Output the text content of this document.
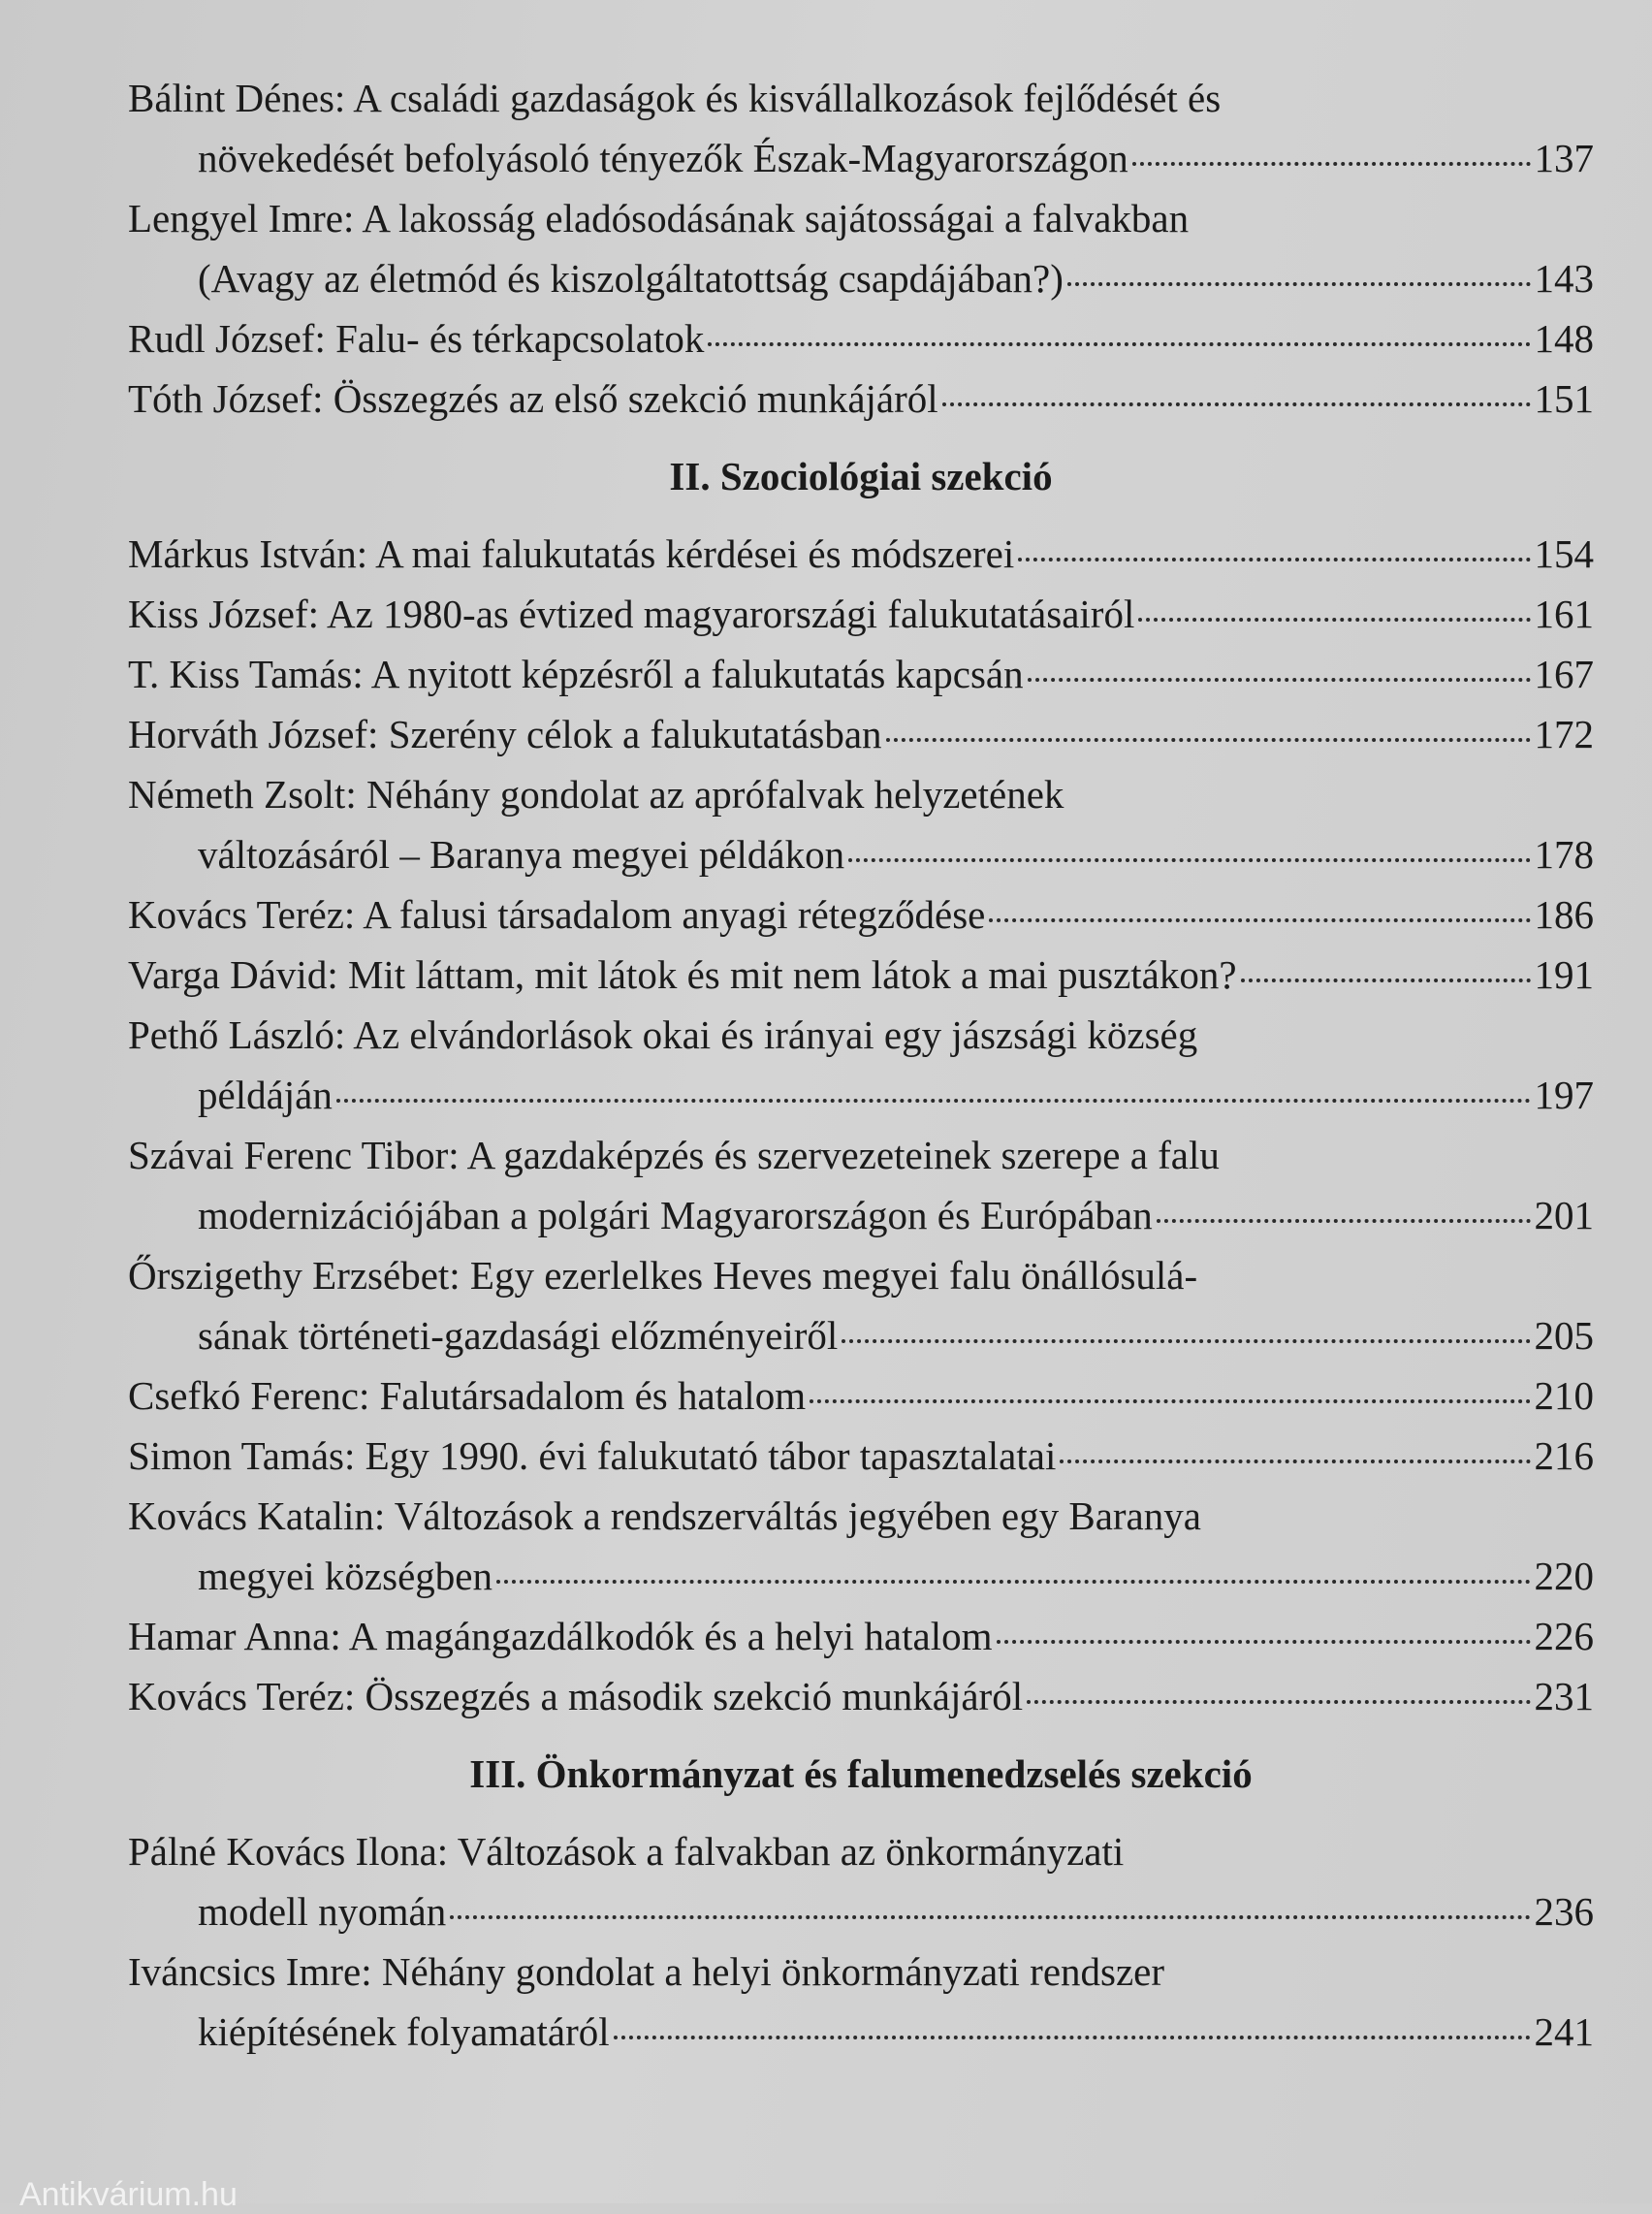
Bálint Dénes: A családi gazdaságok és kisvállalkozások fejlődését és
növekedését befolyásoló tényezők Észak-Magyarországon	137
Lengyel Imre: A lakosság eladósodásának sajátosságai a falvakban
(Avagy az életmód és kiszolgáltatottság csapdájában?)	143
Rudl József: Falu- és térkapcsolatok	148
Tóth József: Összegzés az első szekció munkájáról	151
II. Szociológiai szekció
Márkus István: A mai falukutatás kérdései és módszerei	154
Kiss József: Az 1980-as évtized magyarországi falukutatásairól	161
T. Kiss Tamás: A nyitott képzésről a falukutatás kapcsán	167
Horváth József: Szerény célok a falukutatásban	172
Németh Zsolt: Néhány gondolat az aprófalvak helyzetének
változásáról – Baranya megyei példákon	178
Kovács Teréz: A falusi társadalom anyagi rétegződése	186
Varga Dávid: Mit láttam, mit látok és mit nem látok a mai pusztákon?	191
Pethő László: Az elvándorlások okai és irányai egy jászsági község
példáján	197
Szávai Ferenc Tibor: A gazdaképzés és szervezeteinek szerepe a falu
modernizációjában a polgári Magyarországon és Európában	201
Őrszigethy Erzsébet: Egy ezerlelkes Heves megyei falu önállósulá-
sának történeti-gazdasági előzményeiről	205
Csefkó Ferenc: Falutársadalom és hatalom	210
Simon Tamás: Egy 1990. évi falukutató tábor tapasztalatai	216
Kovács Katalin: Változások a rendszerváltás jegyében egy Baranya
megyei községben	220
Hamar Anna: A magángazdálkodók és a helyi hatalom	226
Kovács Teréz: Összegzés a második szekció munkájáról	231
III. Önkormányzat és falumenedzselés szekció
Pálné Kovács Ilona: Változások a falvakban az önkormányzati
modell nyomán	236
Iváncsics Imre: Néhány gondolat a helyi önkormányzati rendszer
kiépítésének folyamatáról	241
Antikvárium.hu
